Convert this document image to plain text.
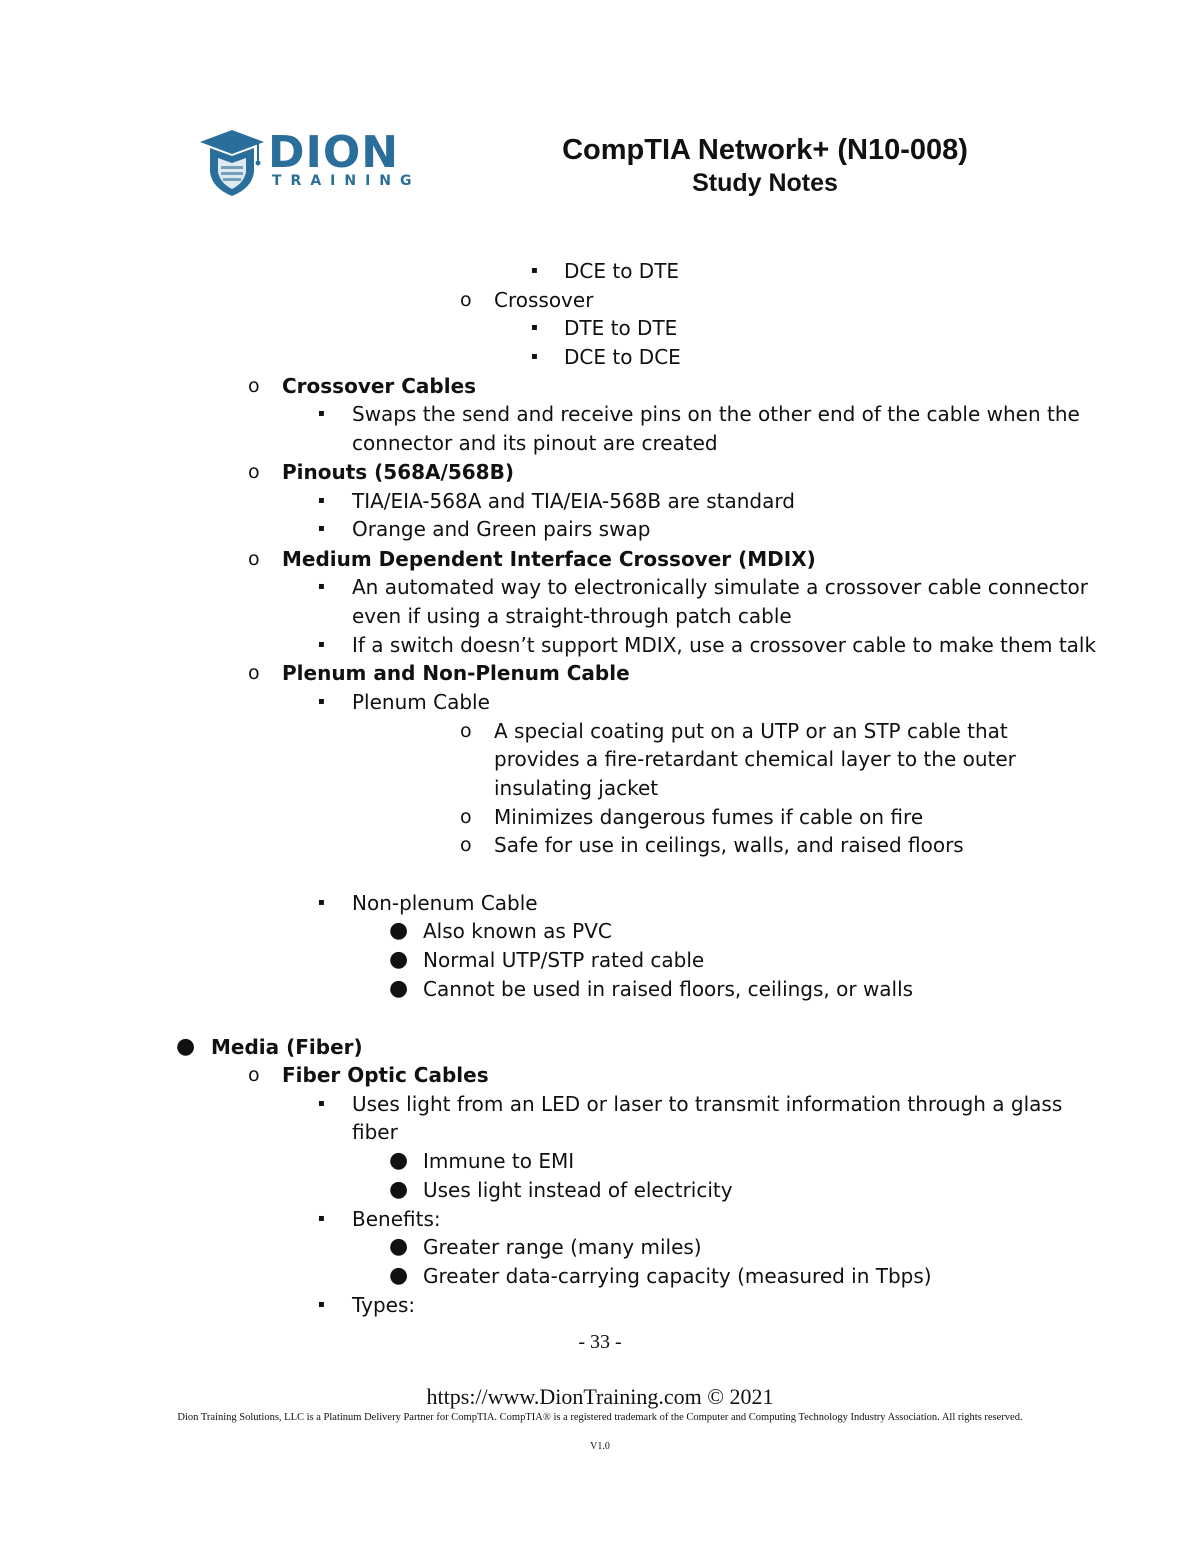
DION
TRAINING
CompTIA Network+ (N10-008)
Study Notes
▪ DCE to DTE
o Crossover
▪ DTE to DTE
▪ DCE to DCE
o Crossover Cables
▪ Swaps the send and receive pins on the other end of the cable when the
connector and its pinout are created
o Pinouts (568A/568B)
▪ TIA/EIA-568A and TIA/EIA-568B are standard
▪ Orange and Green pairs swap
o Medium Dependent Interface Crossover (MDIX)
▪ An automated way to electronically simulate a crossover cable connector
even if using a straight-through patch cable
▪ If a switch doesn’t support MDIX, use a crossover cable to make them talk
o Plenum and Non-Plenum Cable
▪ Plenum Cable
o A special coating put on a UTP or an STP cable that
provides a fire-retardant chemical layer to the outer
insulating jacket
o Minimizes dangerous fumes if cable on fire
o Safe for use in ceilings, walls, and raised floors
▪ Non-plenum Cable
● Also known as PVC
● Normal UTP/STP rated cable
● Cannot be used in raised floors, ceilings, or walls
● Media (Fiber)
o Fiber Optic Cables
▪ Uses light from an LED or laser to transmit information through a glass
fiber
● Immune to EMI
● Uses light instead of electricity
▪ Benefits:
● Greater range (many miles)
● Greater data-carrying capacity (measured in Tbps)
▪ Types:
- 33 -
https://www.DionTraining.com © 2021
Dion Training Solutions, LLC is a Platinum Delivery Partner for CompTIA. CompTIA® is a registered trademark of the Computer and Computing Technology Industry Association. All rights reserved.
V1.0
